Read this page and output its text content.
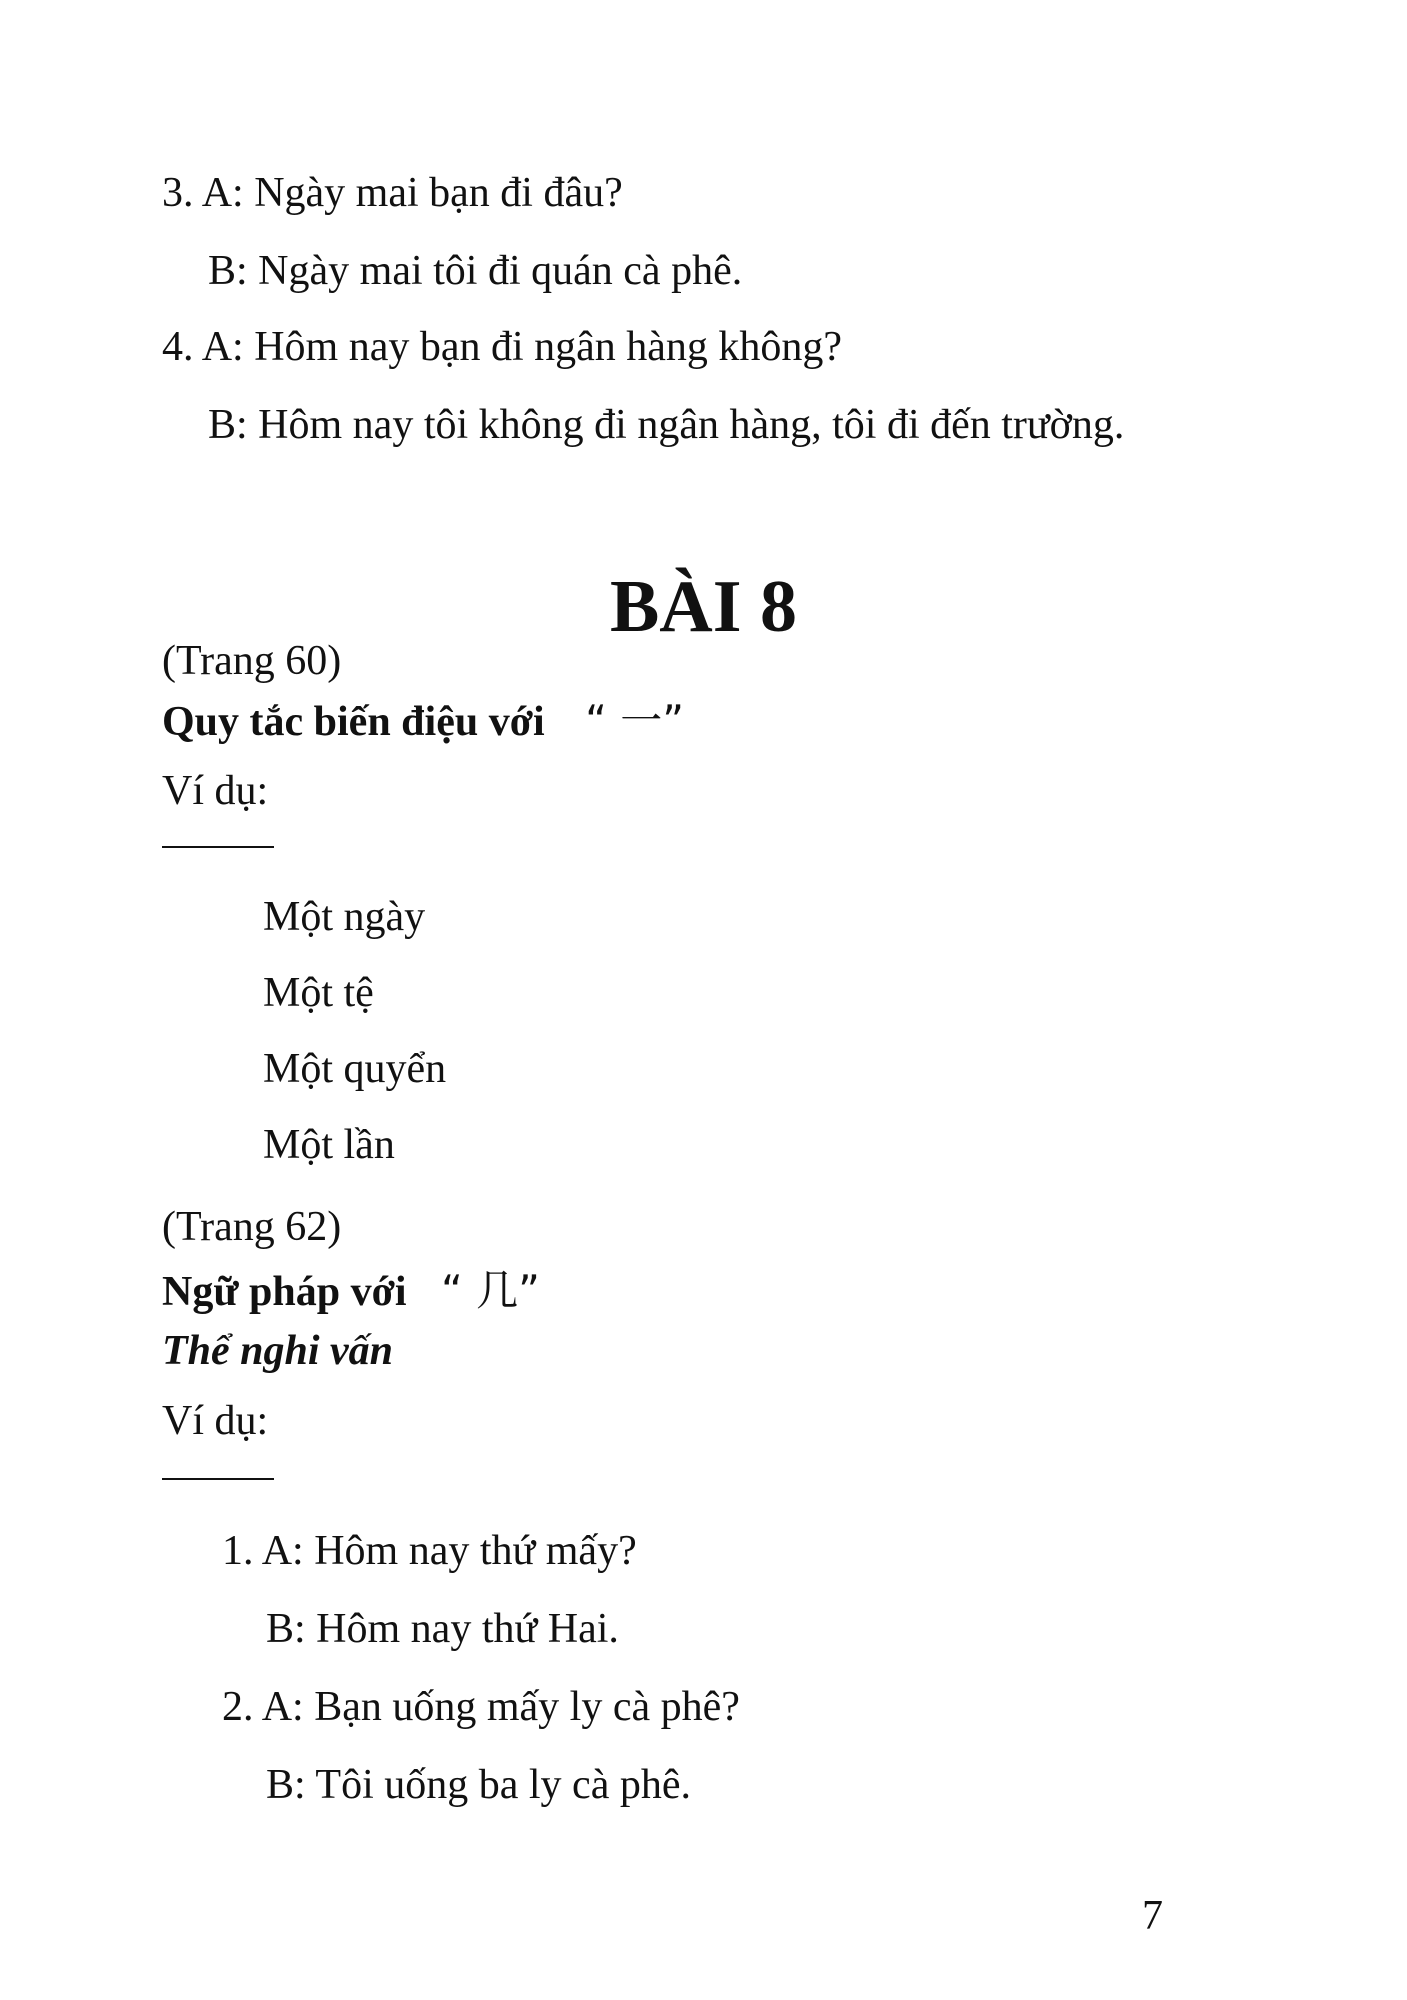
3. A: Ngày mai bạn đi đâu?
B: Ngày mai tôi đi quán cà phê.
4. A: Hôm nay bạn đi ngân hàng không?
B: Hôm nay tôi không đi ngân hàng, tôi đi đến trường.
BÀI 8
(Trang 60)
Quy tắc biến điệu với “ 一”
Ví dụ:
Một ngày
Một tệ
Một quyển
Một lần
(Trang 62)
Ngữ pháp với “ 几”
Thể nghi vấn
Ví dụ:
1. A: Hôm nay thứ mấy?
B: Hôm nay thứ Hai.
2. A: Bạn uống mấy ly cà phê?
B: Tôi uống ba ly cà phê.
7
